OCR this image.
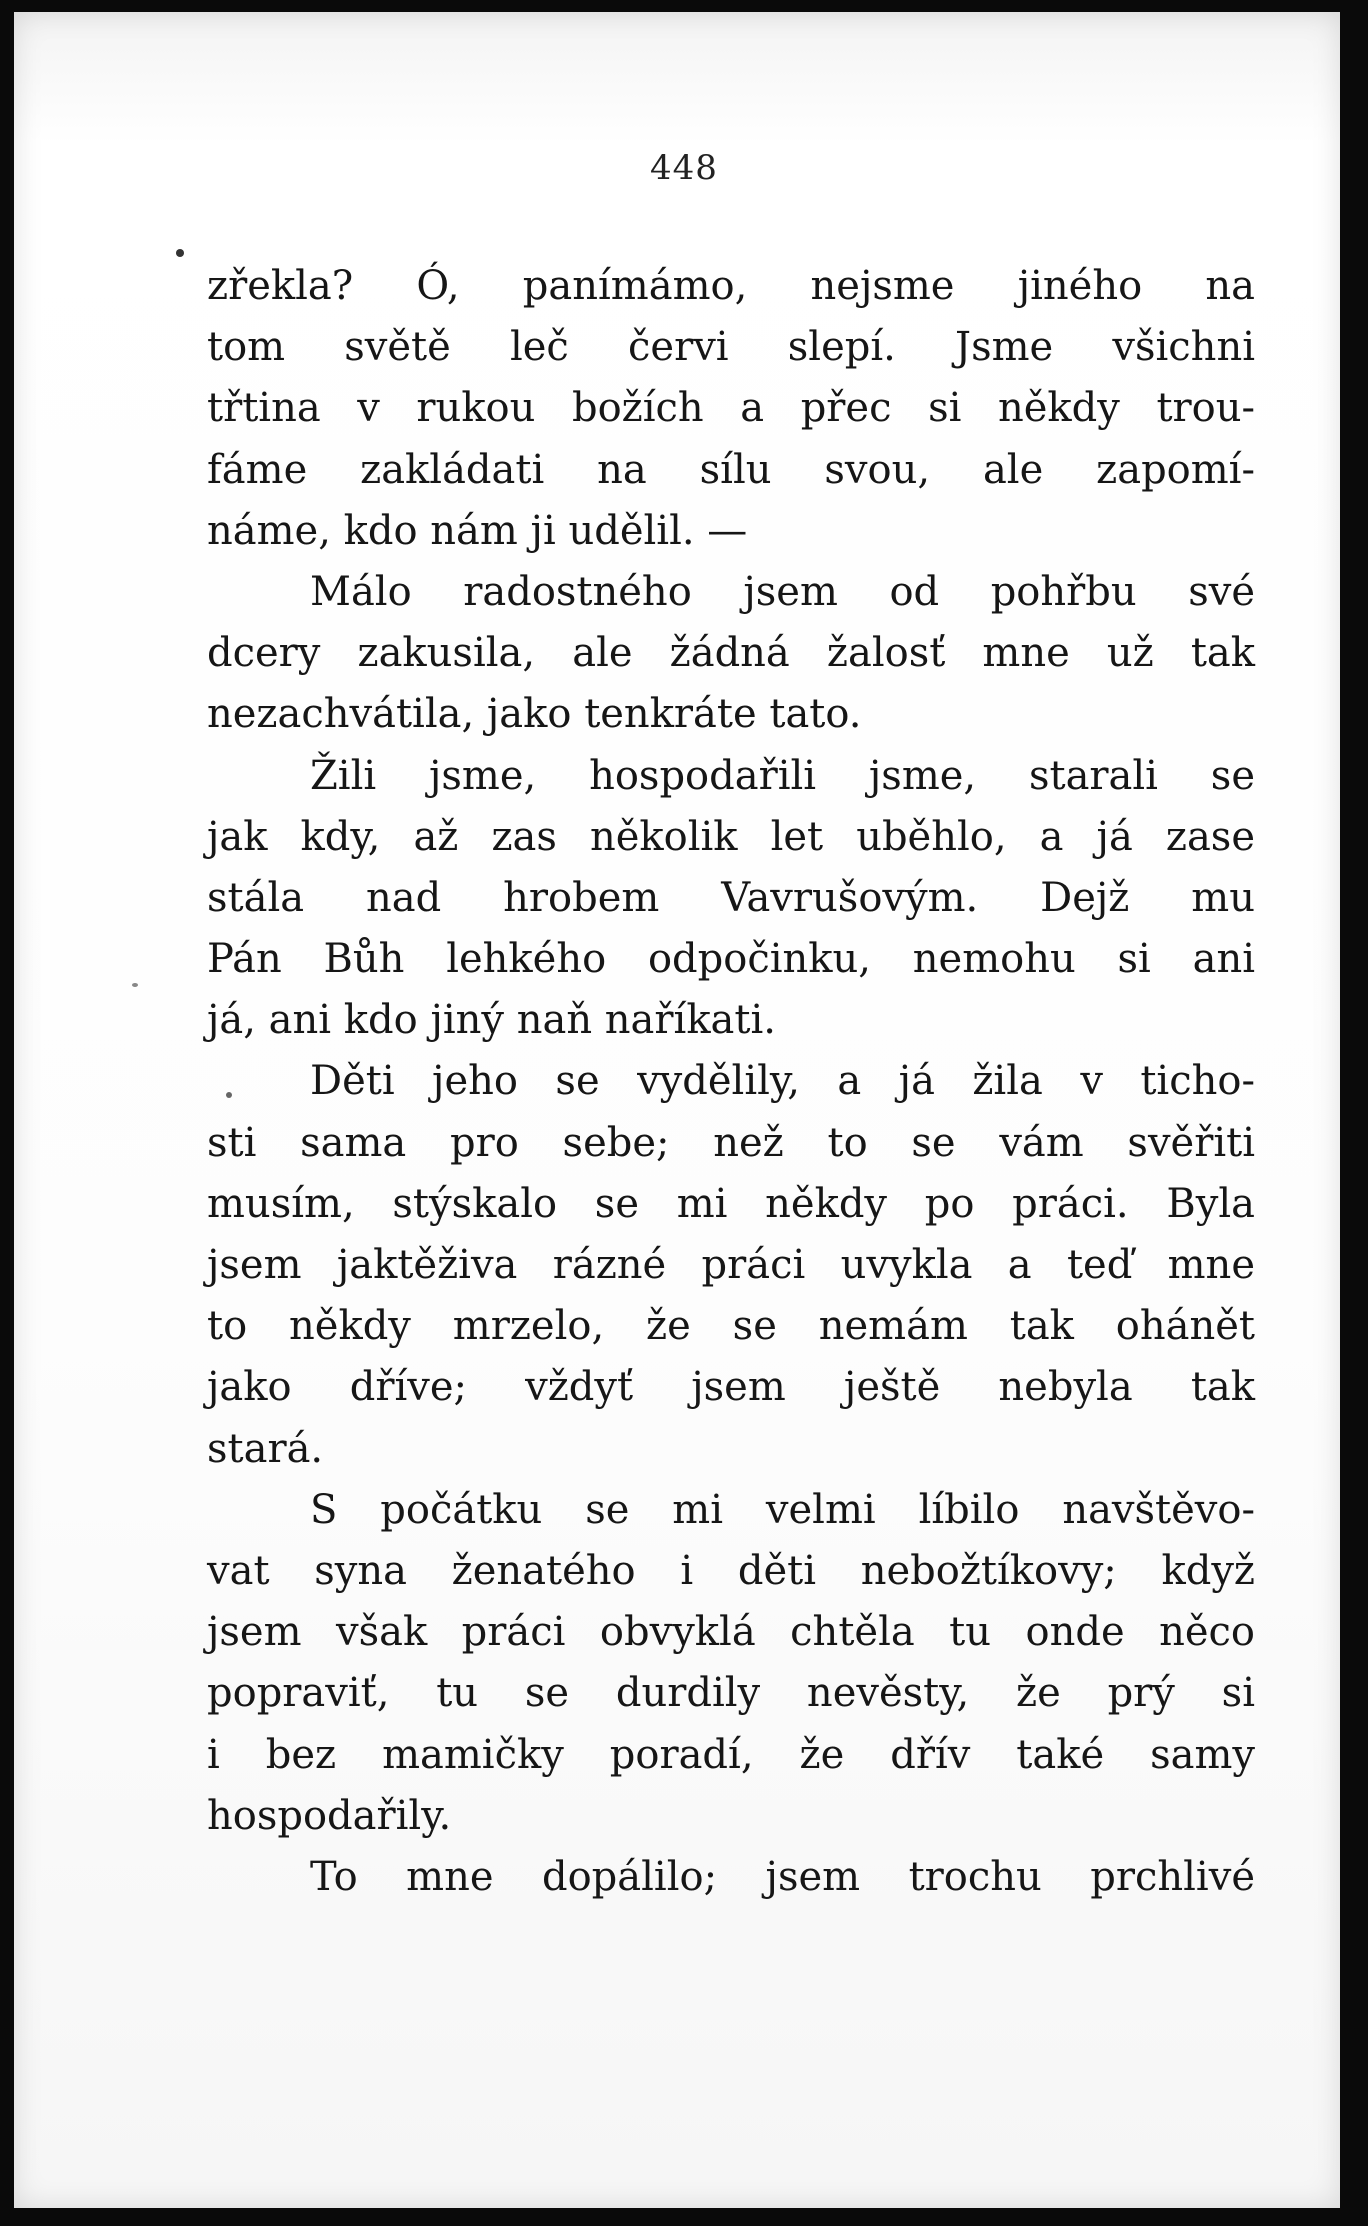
448
zřekla? Ó, panímámo, nejsme jiného na
tom světě leč červi slepí. Jsme všichni
třtina v rukou božích a přec si někdy trou-
fáme zakládati na sílu svou, ale zapomí-
náme, kdo nám ji udělil. —
Málo radostného jsem od pohřbu své
dcery zakusila, ale žádná žalosť mne už tak
nezachvátila, jako tenkráte tato.
Žili jsme, hospodařili jsme, starali se
jak kdy, až zas několik let uběhlo, a já zase
stála nad hrobem Vavrušovým. Dejž mu
Pán Bůh lehkého odpočinku, nemohu si ani
já, ani kdo jiný naň naříkati.
Děti jeho se vydělily, a já žila v ticho-
sti sama pro sebe; než to se vám svěřiti
musím, stýskalo se mi někdy po práci. Byla
jsem jaktěživa rázné práci uvykla a teď mne
to někdy mrzelo, že se nemám tak ohánět
jako dříve; vždyť jsem ještě nebyla tak
stará.
S počátku se mi velmi líbilo navštěvo-
vat syna ženatého i děti nebožtíkovy; když
jsem však práci obvyklá chtěla tu onde něco
popraviť, tu se durdily nevěsty, že prý si
i bez mamičky poradí, že dřív také samy
hospodařily.
To mne dopálilo; jsem trochu prchlivé
